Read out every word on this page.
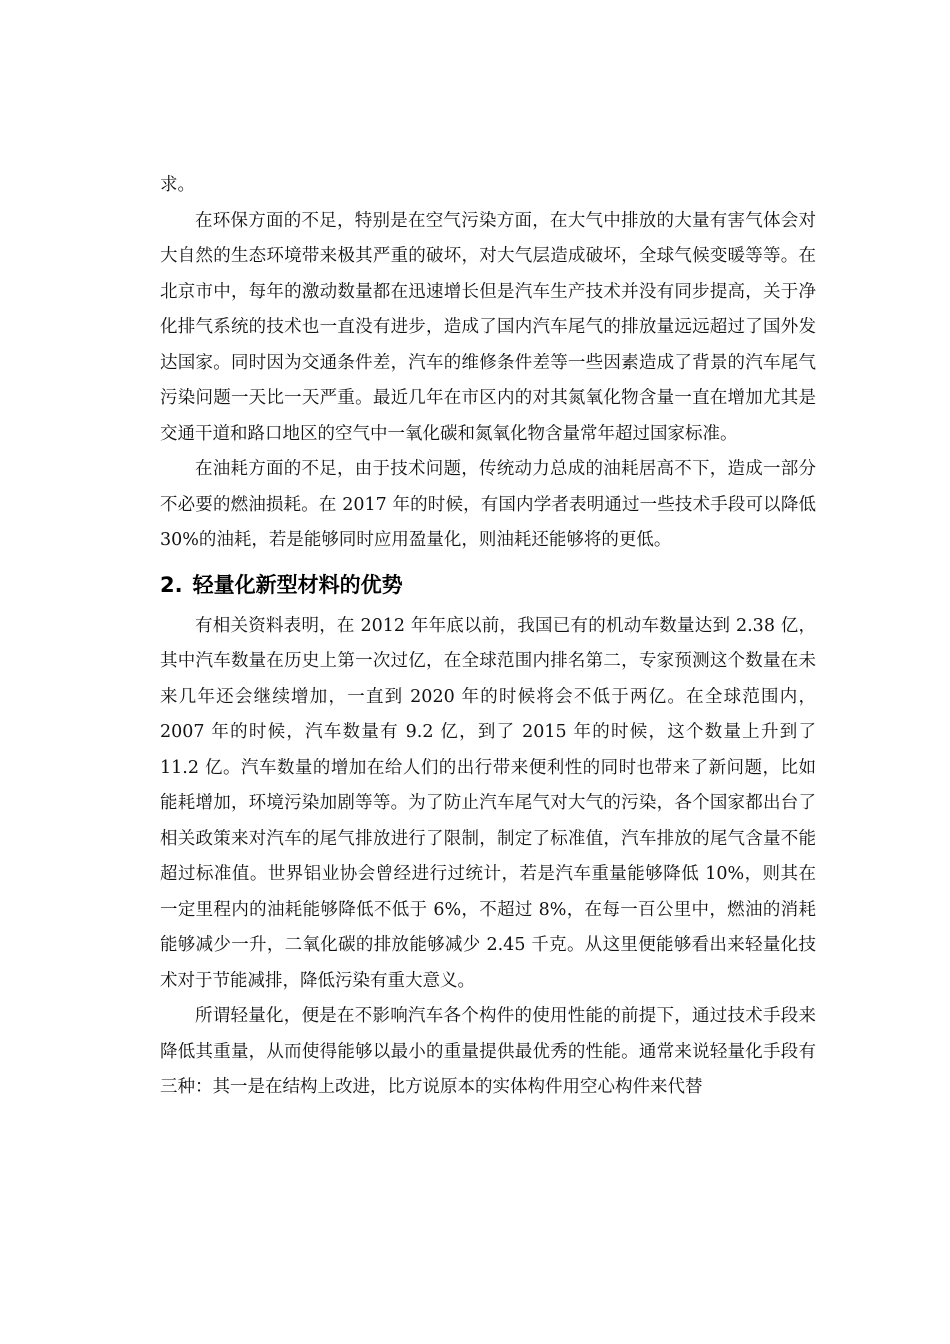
求。

在环保方面的不足，特别是在空气污染方面，在大气中排放的大量有害气体会对大自然的生态环境带来极其严重的破坏，对大气层造成破坏，全球气候变暖等等。在北京市中，每年的激动数量都在迅速增长但是汽车生产技术并没有同步提高，关于净化排气系统的技术也一直没有进步，造成了国内汽车尾气的排放量远远超过了国外发达国家。同时因为交通条件差，汽车的维修条件差等一些因素造成了背景的汽车尾气污染问题一天比一天严重。最近几年在市区内的对其氮氧化物含量一直在增加尤其是交通干道和路口地区的空气中一氧化碳和氮氧化物含量常年超过国家标准。

在油耗方面的不足，由于技术问题，传统动力总成的油耗居高不下，造成一部分不必要的燃油损耗。在 2017 年的时候，有国内学者表明通过一些技术手段可以降低 30%的油耗，若是能够同时应用盈量化，则油耗还能够将的更低。

2. 轻量化新型材料的优势

有相关资料表明，在 2012 年年底以前，我国已有的机动车数量达到 2.38 亿，其中汽车数量在历史上第一次过亿，在全球范围内排名第二，专家预测这个数量在未来几年还会继续增加，一直到 2020 年的时候将会不低于两亿。在全球范围内，2007 年的时候，汽车数量有 9.2 亿，到了 2015 年的时候，这个数量上升到了 11.2 亿。汽车数量的增加在给人们的出行带来便利性的同时也带来了新问题，比如能耗增加，环境污染加剧等等。为了防止汽车尾气对大气的污染，各个国家都出台了相关政策来对汽车的尾气排放进行了限制，制定了标准值，汽车排放的尾气含量不能超过标准值。世界铝业协会曾经进行过统计，若是汽车重量能够降低 10%，则其在一定里程内的油耗能够降低不低于 6%，不超过 8%，在每一百公里中，燃油的消耗能够减少一升，二氧化碳的排放能够减少 2.45 千克。从这里便能够看出来轻量化技术对于节能减排，降低污染有重大意义。

所谓轻量化，便是在不影响汽车各个构件的使用性能的前提下，通过技术手段来降低其重量，从而使得能够以最小的重量提供最优秀的性能。通常来说轻量化手段有三种：其一是在结构上改进，比方说原本的实体构件用空心构件来代替
